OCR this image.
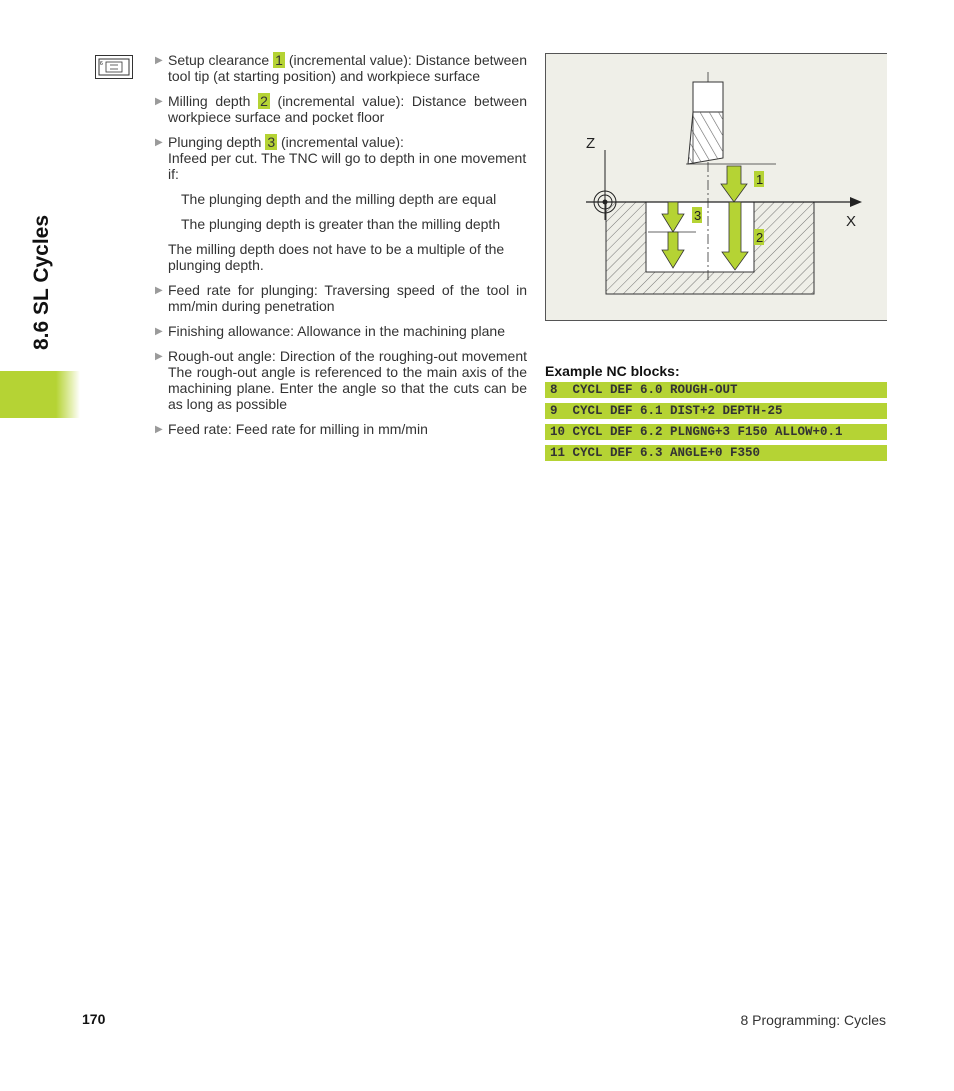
8.6 SL Cycles
6	▶ Setup clearance 1 (incremental value): Distance between tool tip (at starting position) and workpiece surface
▶ Milling depth 2 (incremental value): Distance between workpiece surface and pocket floor
▶ Plunging depth 3 (incremental value):
Infeed per cut. The TNC will go to depth in one movement if:
The plunging depth and the milling depth are equal
The plunging depth is greater than the milling depth
The milling depth does not have to be a multiple of the plunging depth.
▶ Feed rate for plunging: Traversing speed of the tool in mm/min during penetration
▶ Finishing allowance: Allowance in the machining plane
▶ Rough-out angle: Direction of the roughing-out movement The rough-out angle is referenced to the main axis of the machining plane. Enter the angle so that the cuts can be as long as possible
▶ Feed rate: Feed rate for milling in mm/min
Z
X
1
2
3
Example NC blocks:
8  CYCL DEF 6.0 ROUGH-OUT
9  CYCL DEF 6.1 DIST+2 DEPTH-25
10 CYCL DEF 6.2 PLNGNG+3 F150 ALLOW+0.1
11 CYCL DEF 6.3 ANGLE+0 F350
170	8 Programming: Cycles
